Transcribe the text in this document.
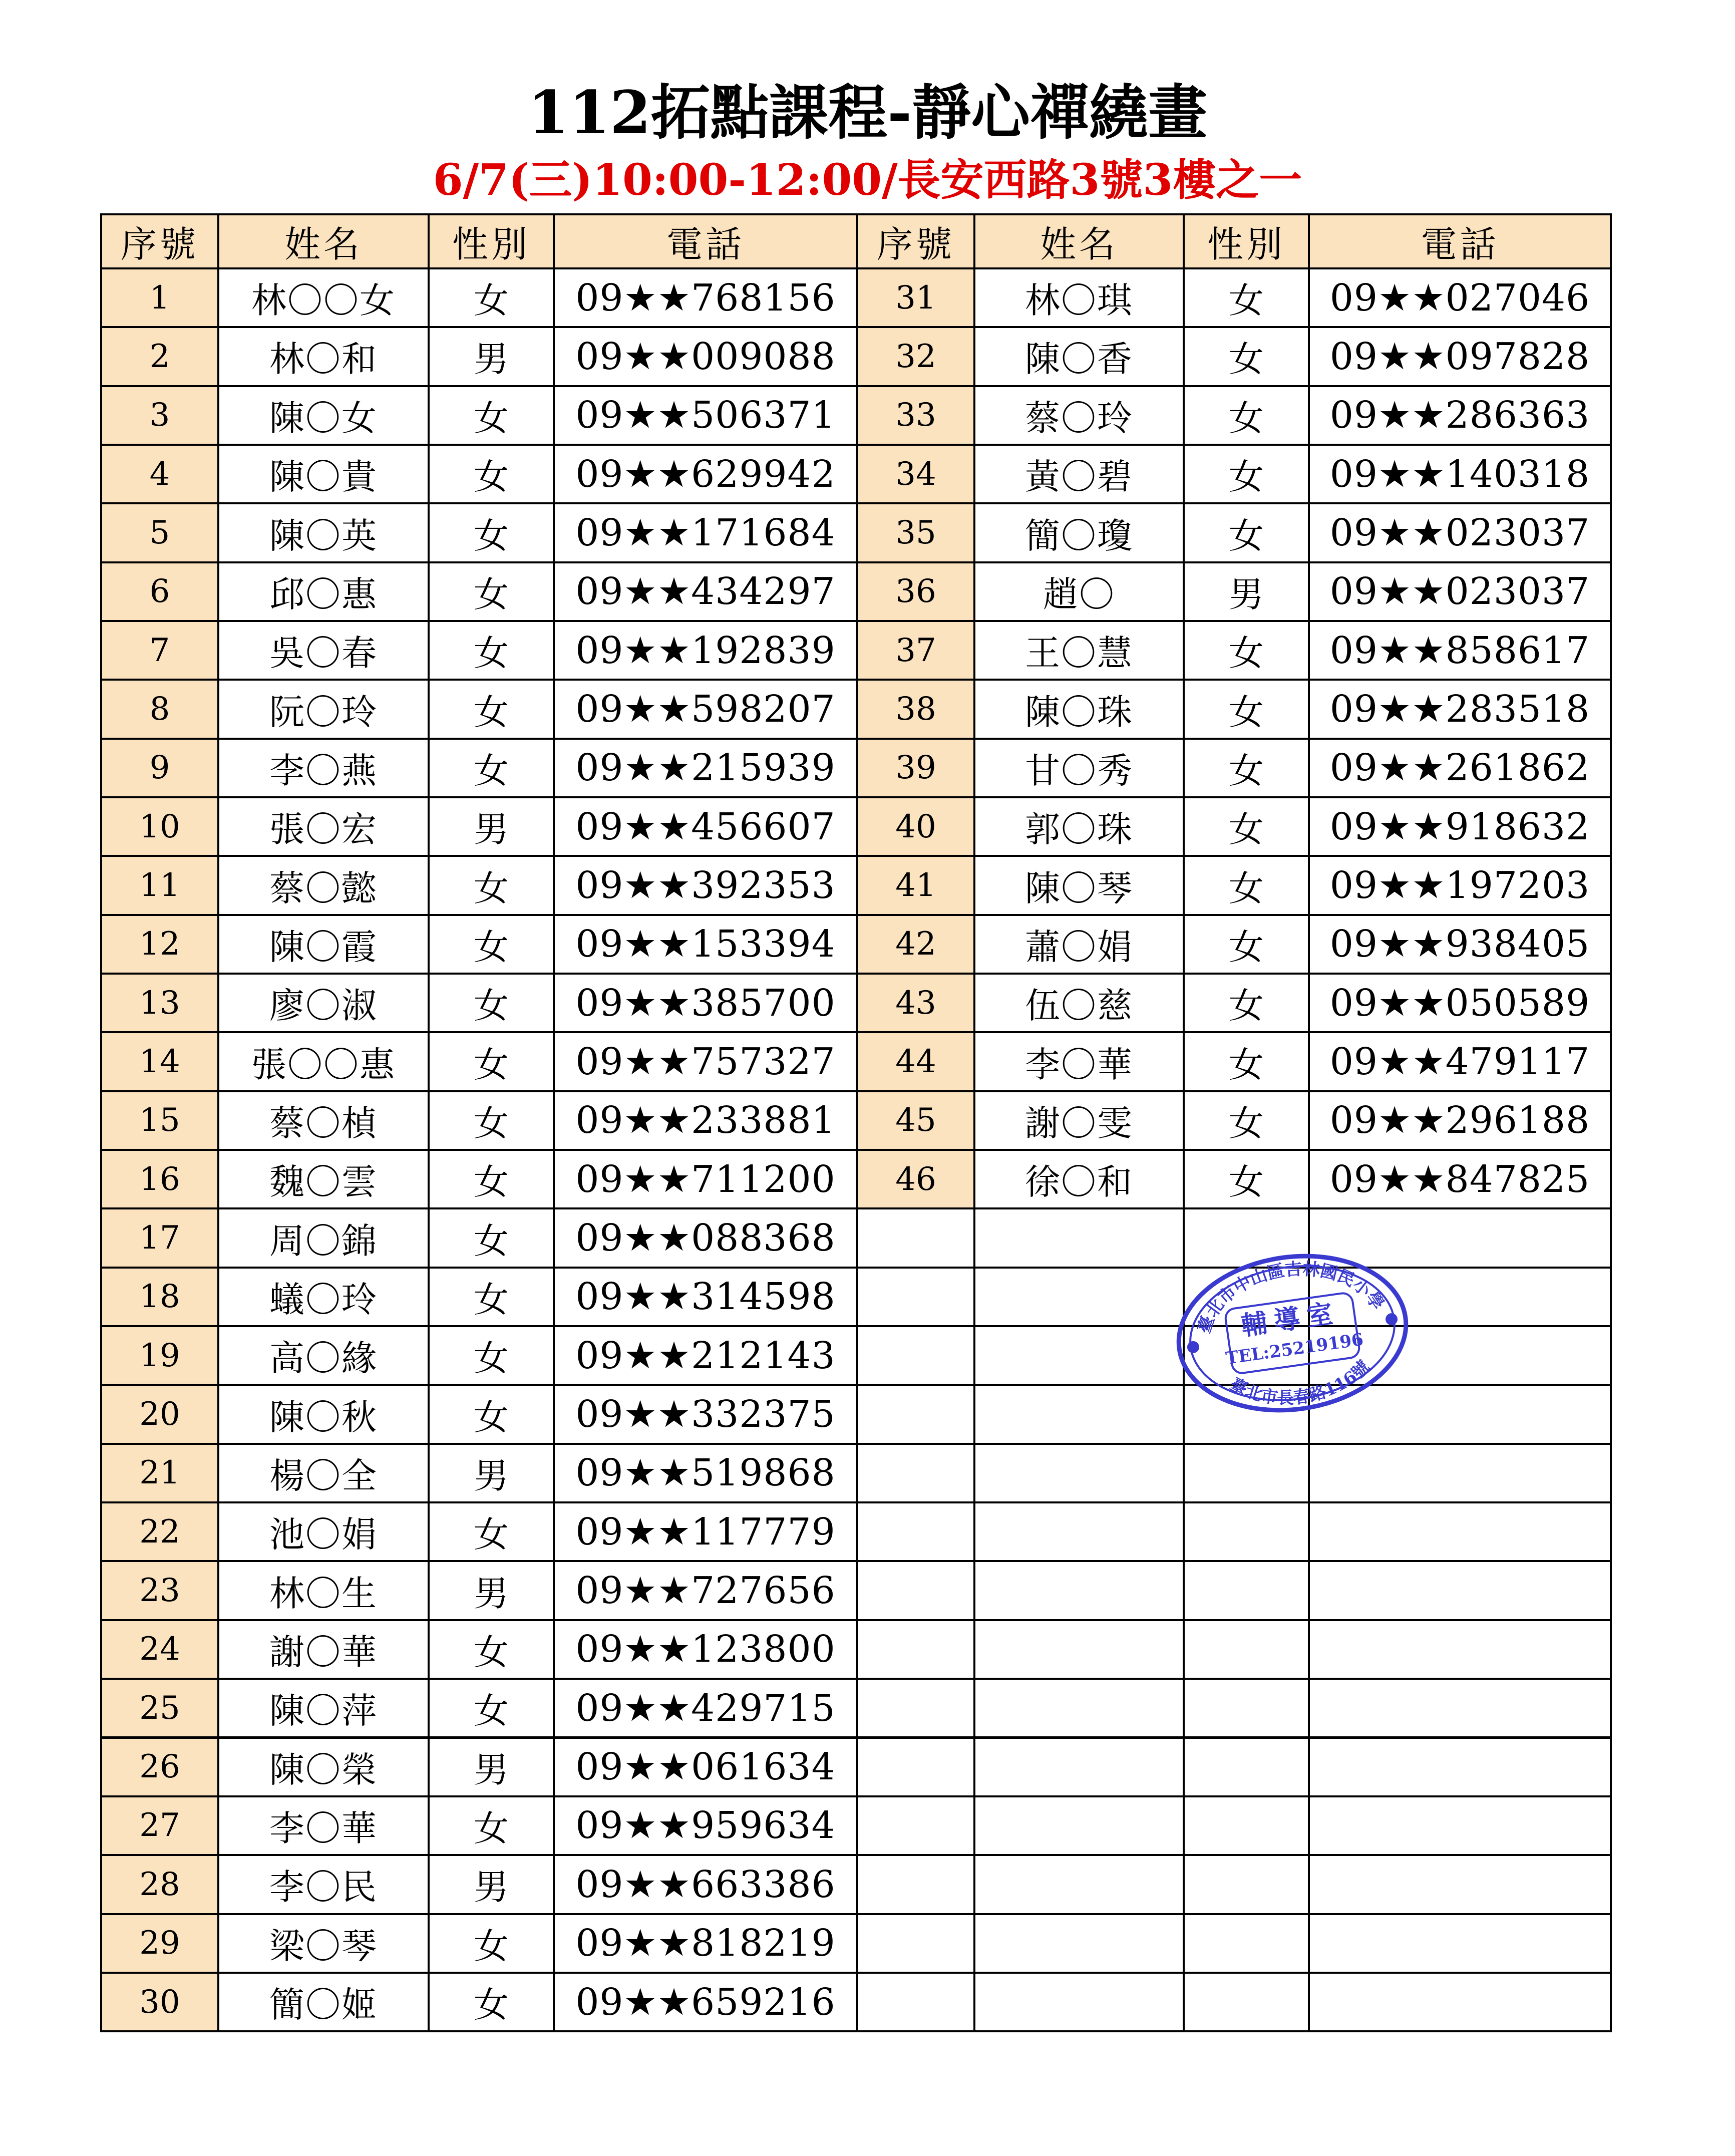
112拓點課程-靜心禪繞畫
6/7(三)10:00-12:00/長安西路3號3樓之一
序號	姓名	性別	電話	序號	姓名	性別	電話
1	林〇〇女	女	09★★768156	31	林〇琪	女	09★★027046
2	林〇和	男	09★★009088	32	陳〇香	女	09★★097828
3	陳〇女	女	09★★506371	33	蔡〇玲	女	09★★286363
4	陳〇貴	女	09★★629942	34	黃〇碧	女	09★★140318
5	陳〇英	女	09★★171684	35	簡〇瓊	女	09★★023037
6	邱〇惠	女	09★★434297	36	趙〇	男	09★★023037
7	吳〇春	女	09★★192839	37	王〇慧	女	09★★858617
8	阮〇玲	女	09★★598207	38	陳〇珠	女	09★★283518
9	李〇燕	女	09★★215939	39	甘〇秀	女	09★★261862
10	張〇宏	男	09★★456607	40	郭〇珠	女	09★★918632
11	蔡〇懿	女	09★★392353	41	陳〇琴	女	09★★197203
12	陳〇霞	女	09★★153394	42	蕭〇娟	女	09★★938405
13	廖〇淑	女	09★★385700	43	伍〇慈	女	09★★050589
14	張〇〇惠	女	09★★757327	44	李〇華	女	09★★479117
15	蔡〇楨	女	09★★233881	45	謝〇雯	女	09★★296188
16	魏〇雲	女	09★★711200	46	徐〇和	女	09★★847825
17	周〇錦	女	09★★088368
18	蟻〇玲	女	09★★314598
19	高〇緣	女	09★★212143
20	陳〇秋	女	09★★332375
21	楊〇全	男	09★★519868
22	池〇娟	女	09★★117779
23	林〇生	男	09★★727656
24	謝〇華	女	09★★123800
25	陳〇萍	女	09★★429715
26	陳〇榮	男	09★★061634
27	李〇華	女	09★★959634
28	李〇民	男	09★★663386
29	梁〇琴	女	09★★818219
30	簡〇姬	女	09★★659216
臺北市中山區吉林國民小學
輔導室
TEL:25219196
臺北市長春路116號
